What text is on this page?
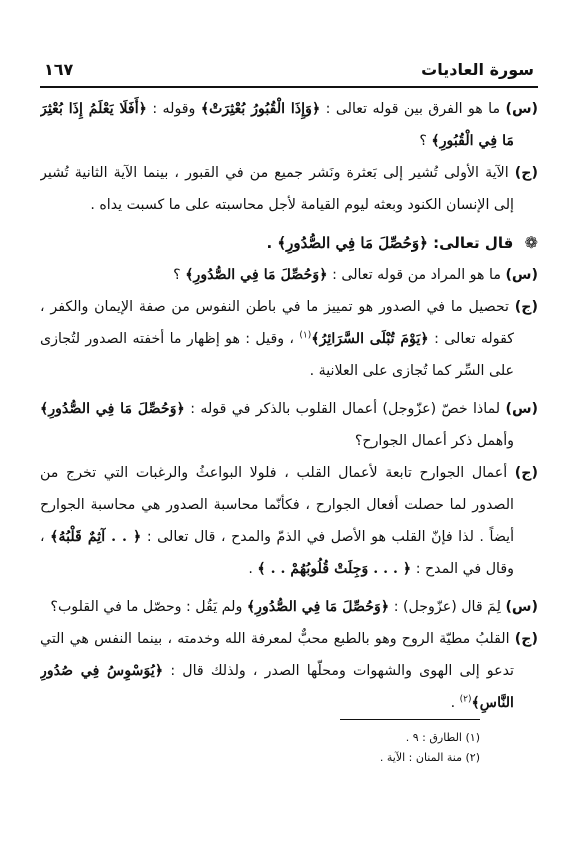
سورة العاديات
١٦٧

(س) ما هو الفرق بين قوله تعالى : ﴿وَإِذَا الْقُبُورُ بُعْثِرَتْ﴾ وقوله : ﴿أَفَلَا يَعْلَمُ إِذَا بُعْثِرَ مَا فِي الْقُبُورِ﴾ ؟

(ج) الآية الأولى تُشير إلى بَعثرة ونَشر جميع من في القبور ، بينما الآية الثانية تُشير إلى الإنسان الكنود وبعثه ليوم القيامة لأجل محاسبته على ما كسبت يداه .

❁ قال تعالى: ﴿وَحُصِّلَ مَا فِي الصُّدُورِ﴾ .

(س) ما هو المراد من قوله تعالى : ﴿وَحُصِّلَ مَا فِي الصُّدُورِ﴾ ؟

(ج) تحصيل ما في الصدور هو تمييز ما في باطن النفوس من صفة الإيمان والكفر ، كقوله تعالى : ﴿يَوْمَ تُبْلَى السَّرَائِرُ﴾$^{(١)}$ ، وقيل : هو إظهار ما أخفته الصدور لتُجازى على السِّر كما تُجازى على العلانية .

(س) لماذا خصّ (عزّوجل) أعمال القلوب بالذكر في قوله : ﴿وَحُصِّلَ مَا فِي الصُّدُورِ﴾ وأهمل ذكر أعمال الجوارح؟

(ج) أعمال الجوارح تابعة لأعمال القلب ، فلولا البواعثُ والرغبات التي تخرج من الصدور لما حصلت أفعال الجوارح ، فكأنّما محاسبة الصدور هي محاسبة الجوارح أيضاً . لذا فإنّ القلب هو الأصل في الذمّ والمدح ، قال تعالى : ﴿ . . آثِمٌ قَلْبُهُ﴾ ، وقال في المدح : ﴿ . . . وَجِلَتْ قُلُوبُهُمْ . . ﴾ .

(س) لِمَ قال (عزّوجل) : ﴿وَحُصِّلَ مَا فِي الصُّدُورِ﴾ ولم يَقُل : وحصّل ما في القلوب؟

(ج) القلبُ مطيّة الروح وهو بالطبع محبٌّ لمعرفة الله وخدمته ، بينما النفس هي التي تدعو إلى الهوى والشهوات ومحلّها الصدر ، ولذلك قال : ﴿يُوَسْوِسُ فِي صُدُورِ النَّاسِ﴾$^{(٢)}$ .

(١) الطارق : ٩ .

(٢) منة المنان : الآية .
